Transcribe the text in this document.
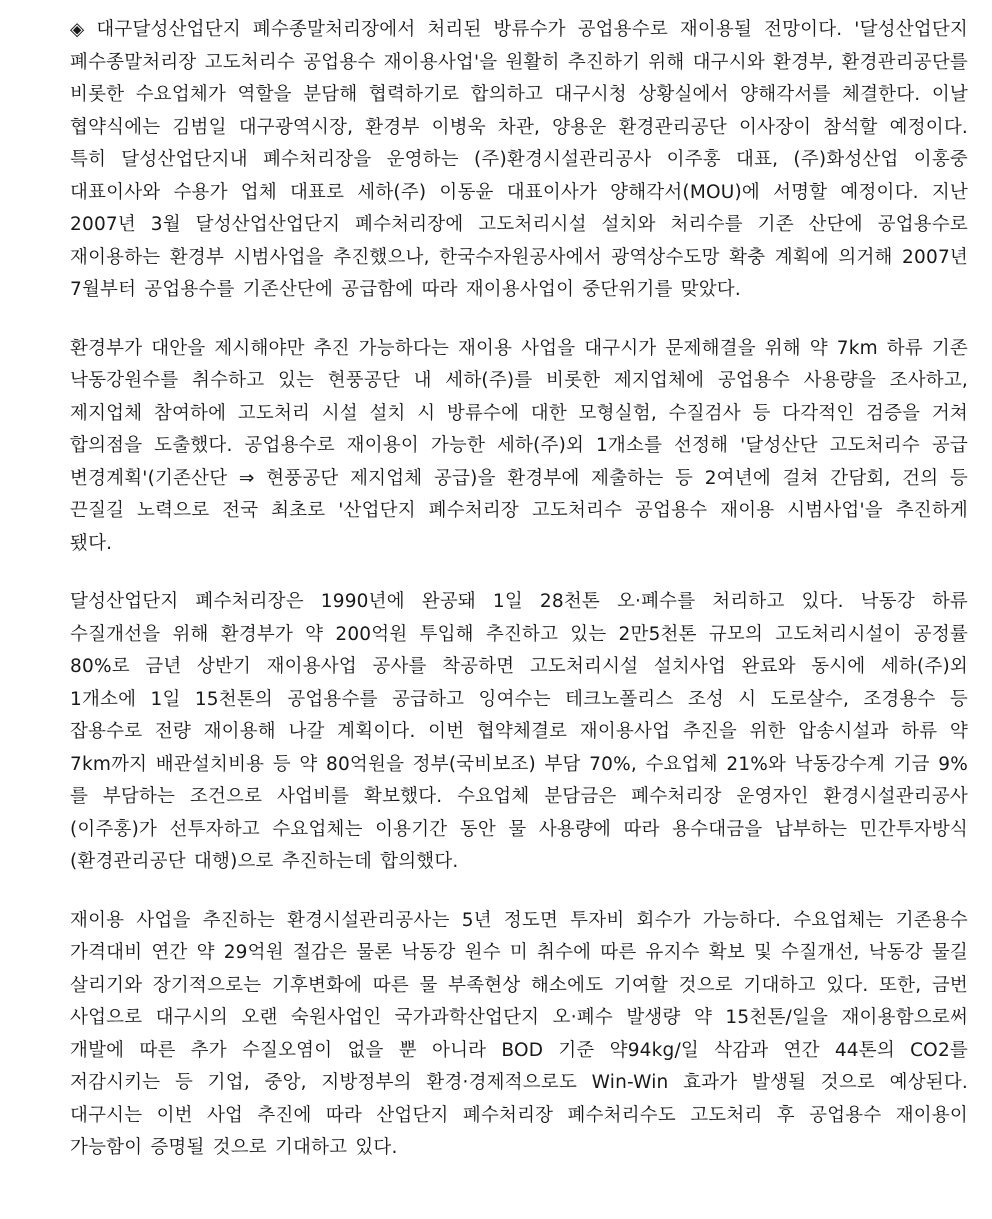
◈ 대구달성산업단지 폐수종말처리장에서 처리된 방류수가 공업용수로 재이용될 전망이다. '달성산업단지 폐수종말처리장 고도처리수 공업용수 재이용사업'을 원활히 추진하기 위해 대구시와 환경부, 환경관리공단를 비롯한 수요업체가 역할을 분담해 협력하기로 합의하고 대구시청 상황실에서 양해각서를 체결한다. 이날 협약식에는 김범일 대구광역시장, 환경부 이병욱 차관, 양용운 환경관리공단 이사장이 참석할 예정이다. 특히 달성산업단지내 폐수처리장을 운영하는 (주)환경시설관리공사 이주홍 대표, (주)화성산업 이홍중 대표이사와 수용가 업체 대표로 세하(주) 이동윤 대표이사가 양해각서(MOU)에 서명할 예정이다. 지난 2007년 3월 달성산업산업단지 폐수처리장에 고도처리시설 설치와 처리수를 기존 산단에 공업용수로 재이용하는 환경부 시범사업을 추진했으나, 한국수자원공사에서 광역상수도망 확충 계획에 의거해 2007년 7월부터 공업용수를 기존산단에 공급함에 따라 재이용사업이 중단위기를 맞았다.

환경부가 대안을 제시해야만 추진 가능하다는 재이용 사업을 대구시가 문제해결을 위해 약 7km 하류 기존 낙동강원수를 취수하고 있는 현풍공단 내 세하(주)를 비롯한 제지업체에 공업용수 사용량을 조사하고, 제지업체 참여하에 고도처리 시설 설치 시 방류수에 대한 모형실험, 수질검사 등 다각적인 검증을 거쳐 합의점을 도출했다. 공업용수로 재이용이 가능한 세하(주)외 1개소를 선정해 '달성산단 고도처리수 공급 변경계획'(기존산단 ⇒ 현풍공단 제지업체 공급)을 환경부에 제출하는 등 2여년에 걸쳐 간담회, 건의 등 끈질길 노력으로 전국 최초로 '산업단지 폐수처리장 고도처리수 공업용수 재이용 시범사업'을 추진하게 됐다.

달성산업단지 폐수처리장은 1990년에 완공돼 1일 28천톤 오·폐수를 처리하고 있다. 낙동강 하류 수질개선을 위해 환경부가 약 200억원 투입해 추진하고 있는 2만5천톤 규모의 고도처리시설이 공정률 80%로 금년 상반기 재이용사업 공사를 착공하면 고도처리시설 설치사업 완료와 동시에 세하(주)외 1개소에 1일 15천톤의 공업용수를 공급하고 잉여수는 테크노폴리스 조성 시 도로살수, 조경용수 등 잡용수로 전량 재이용해 나갈 계획이다. 이번 협약체결로 재이용사업 추진을 위한 압송시설과 하류 약 7km까지 배관설치비용 등 약 80억원을 정부(국비보조) 부담 70%, 수요업체 21%와 낙동강수계 기금 9%를 부담하는 조건으로 사업비를 확보했다. 수요업체 분담금은 폐수처리장 운영자인 환경시설관리공사(이주홍)가 선투자하고 수요업체는 이용기간 동안 물 사용량에 따라 용수대금을 납부하는 민간투자방식(환경관리공단 대행)으로 추진하는데 합의했다.

재이용 사업을 추진하는 환경시설관리공사는 5년 정도면 투자비 회수가 가능하다. 수요업체는 기존용수 가격대비 연간 약 29억원 절감은 물론 낙동강 원수 미 취수에 따른 유지수 확보 및 수질개선, 낙동강 물길 살리기와 장기적으로는 기후변화에 따른 물 부족현상 해소에도 기여할 것으로 기대하고 있다. 또한, 금번 사업으로 대구시의 오랜 숙원사업인 국가과학산업단지 오·폐수 발생량 약 15천톤/일을 재이용함으로써 개발에 따른 추가 수질오염이 없을 뿐 아니라 BOD 기준 약94kg/일 삭감과 연간 44톤의 CO2를 저감시키는 등 기업, 중앙, 지방정부의 환경·경제적으로도 Win-Win 효과가 발생될 것으로 예상된다. 대구시는 이번 사업 추진에 따라 산업단지 폐수처리장 폐수처리수도 고도처리 후 공업용수 재이용이 가능함이 증명될 것으로 기대하고 있다.
